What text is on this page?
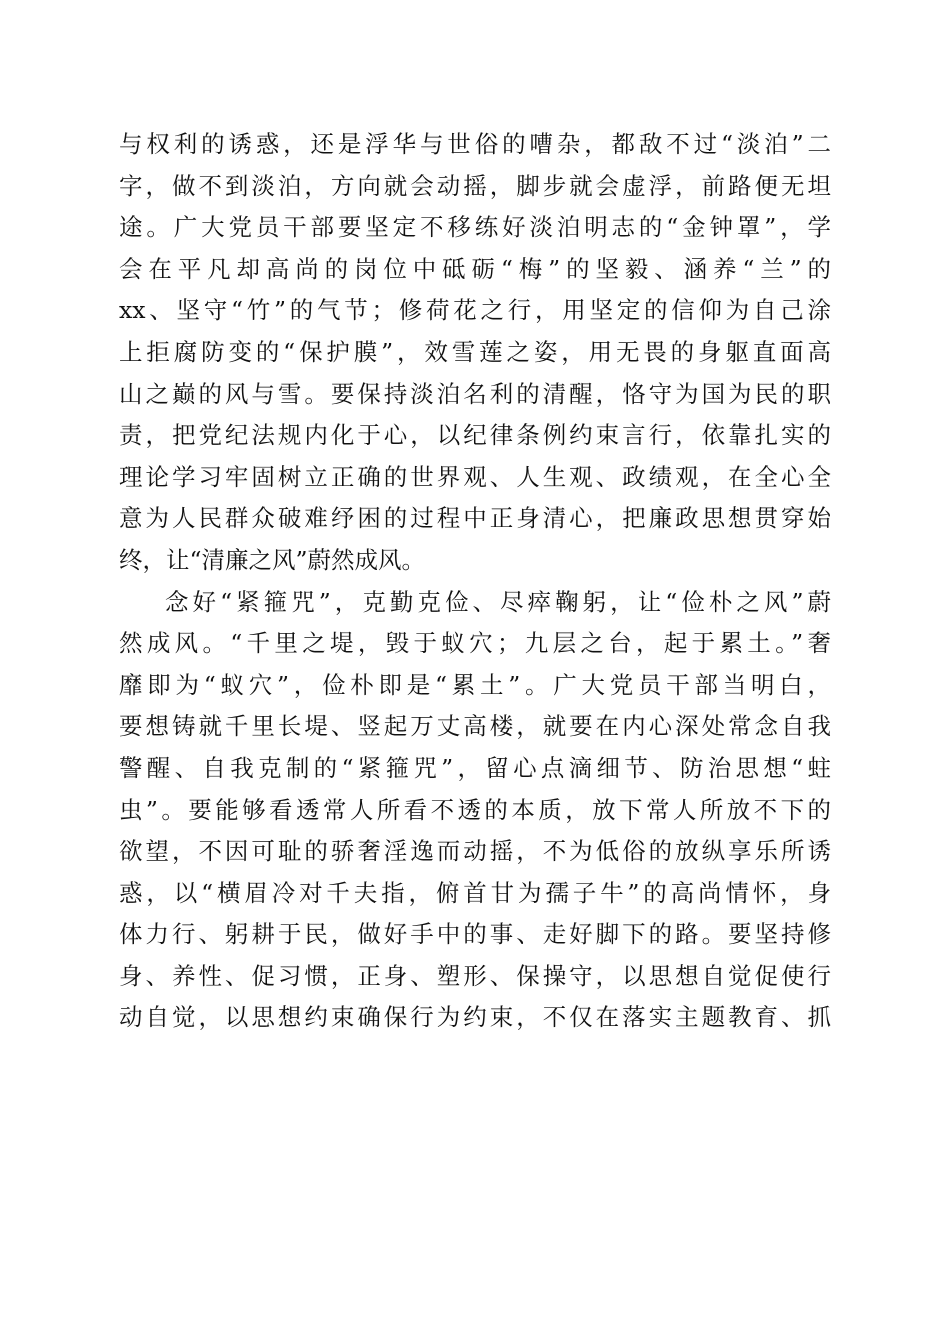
与权利的诱惑，还是浮华与世俗的嘈杂，都敌不过“淡泊”二
字，做不到淡泊，方向就会动摇，脚步就会虚浮，前路便无坦
途。广大党员干部要坚定不移练好淡泊明志的“金钟罩”，学
会在平凡却高尚的岗位中砥砺“梅”的坚毅、涵养“兰”的
xx、坚守“竹”的气节；修荷花之行，用坚定的信仰为自己涂
上拒腐防变的“保护膜”，效雪莲之姿，用无畏的身躯直面高
山之巅的风与雪。要保持淡泊名利的清醒，恪守为国为民的职
责，把党纪法规内化于心，以纪律条例约束言行，依靠扎实的
理论学习牢固树立正确的世界观、人生观、政绩观，在全心全
意为人民群众破难纾困的过程中正身清心，把廉政思想贯穿始
终，让“清廉之风”蔚然成风。
念好“紧箍咒”，克勤克俭、尽瘁鞠躬，让“俭朴之风”蔚
然成风。“千里之堤，毁于蚁穴；九层之台，起于累土。”奢
靡即为“蚁穴”，俭朴即是“累土”。广大党员干部当明白，
要想铸就千里长堤、竖起万丈高楼，就要在内心深处常念自我
警醒、自我克制的“紧箍咒”，留心点滴细节、防治思想“蛀
虫”。要能够看透常人所看不透的本质，放下常人所放不下的
欲望，不因可耻的骄奢淫逸而动摇，不为低俗的放纵享乐所诱
惑，以“横眉冷对千夫指，俯首甘为孺子牛”的高尚情怀，身
体力行、躬耕于民，做好手中的事、走好脚下的路。要坚持修
身、养性、促习惯，正身、塑形、保操守，以思想自觉促使行
动自觉，以思想约束确保行为约束，不仅在落实主题教育、抓
